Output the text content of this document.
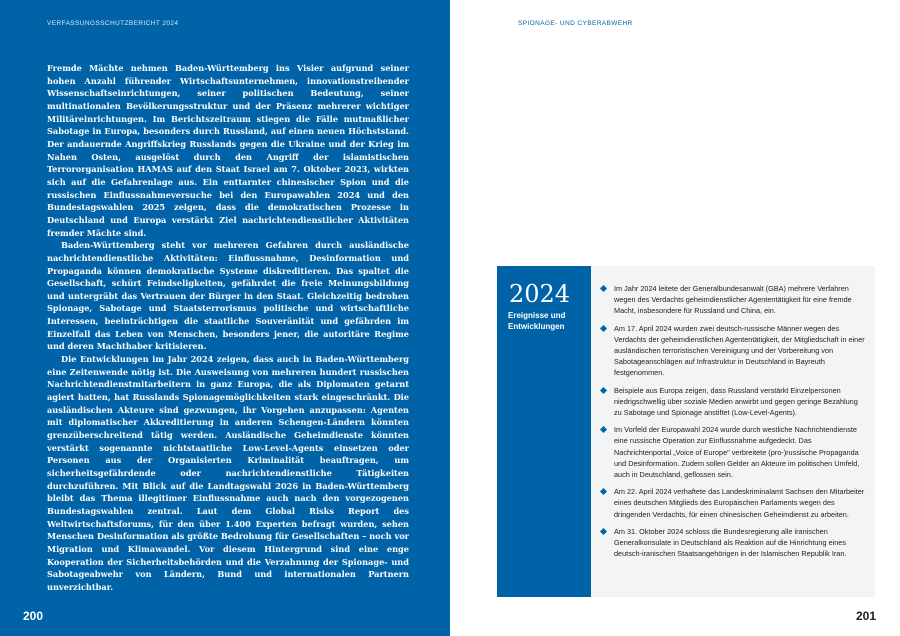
VERFASSUNGSSCHUTZBERICHT 2024

Fremde Mächte nehmen Baden-Württemberg ins Visier aufgrund seiner hohen Anzahl führender Wirtschaftsunternehmen, innovationstreibender Wissenschaftseinrichtungen, seiner politischen Bedeutung, seiner multinationalen Bevölkerungsstruktur und der Präsenz mehrerer wichtiger Militäreinrichtungen. Im Berichtszeitraum stiegen die Fälle mutmaßlicher Sabotage in Europa, besonders durch Russland, auf einen neuen Höchststand. Der andauernde Angriffskrieg Russlands gegen die Ukraine und der Krieg im Nahen Osten, ausgelöst durch den Angriff der islamistischen Terrororganisation HAMAS auf den Staat Israel am 7. Oktober 2023, wirkten sich auf die Gefahrenlage aus. Ein enttarnter chinesischer Spion und die russischen Einflussnahmeversuche bei den Europawahlen 2024 und den Bundestagswahlen 2025 zeigen, dass die demokratischen Prozesse in Deutschland und Europa verstärkt Ziel nachrichtendienstlicher Aktivitäten fremder Mächte sind.

Baden-Württemberg steht vor mehreren Gefahren durch ausländische nachrichtendienstliche Aktivitäten: Einflussnahme, Desinformation und Propaganda können demokratische Systeme diskreditieren. Das spaltet die Gesellschaft, schürt Feindseligkeiten, gefährdet die freie Meinungsbildung und untergräbt das Vertrauen der Bürger in den Staat. Gleichzeitig bedrohen Spionage, Sabotage und Staatsterrorismus politische und wirtschaftliche Interessen, beeinträchtigen die staatliche Souveränität und gefährden im Einzelfall das Leben von Menschen, besonders jener, die autoritäre Regime und deren Machthaber kritisieren.

Die Entwicklungen im Jahr 2024 zeigen, dass auch in Baden-Württemberg eine Zeitenwende nötig ist. Die Ausweisung von mehreren hundert russischen Nachrichtendienstmitarbeitern in ganz Europa, die als Diplomaten getarnt agiert hatten, hat Russlands Spionagemöglichkeiten stark eingeschränkt. Die ausländischen Akteure sind gezwungen, ihr Vorgehen anzupassen: Agenten mit diplomatischer Akkreditierung in anderen Schengen-Ländern könnten grenzüberschreitend tätig werden. Ausländische Geheimdienste könnten verstärkt sogenannte nichtstaatliche Low-Level-Agents einsetzen oder Personen aus der Organisierten Kriminalität beauftragen, um sicherheitsgefährdende oder nachrichtendienstliche Tätigkeiten durchzuführen. Mit Blick auf die Landtagswahl 2026 in Baden-Württemberg bleibt das Thema illegitimer Einflussnahme auch nach den vorgezogenen Bundestagswahlen zentral. Laut dem Global Risks Report des Weltwirtschaftsforums, für den über 1.400 Experten befragt wurden, sehen Menschen Desinformation als größte Bedrohung für Gesellschaften – noch vor Migration und Klimawandel. Vor diesem Hintergrund sind eine enge Kooperation der Sicherheitsbehörden und die Verzahnung der Spionage- und Sabotageabwehr von Ländern, Bund und internationalen Partnern unverzichtbar.

200
SPIONAGE- UND CYBERABWEHR
2024
Ereignisse und Entwicklungen
Im Jahr 2024 leitete der Generalbundesanwalt (GBA) mehrere Verfahren wegen des Verdachts geheimdienstlicher Agententätigkeit für eine fremde Macht, insbesondere für Russland und China, ein.
Am 17. April 2024 wurden zwei deutsch-russische Männer wegen des Verdachts der geheimdienstlichen Agententätigkeit, der Mitgliedschaft in einer ausländischen terroristischen Vereinigung und der Vorbereitung von Sabotageanschlägen auf Infrastruktur in Deutschland in Bayreuth festgenommen.
Beispiele aus Europa zeigen, dass Russland verstärkt Einzelpersonen niedrigschwellig über soziale Medien anwirbt und gegen geringe Bezahlung zu Sabotage und Spionage anstiftet (Low-Level-Agents).
Im Vorfeld der Europawahl 2024 wurde durch westliche Nachrichtendienste eine russische Operation zur Einflussnahme aufgedeckt. Das Nachrichtenportal „Voice of Europe" verbreitete (pro-)russische Propaganda und Desinformation. Zudem sollen Gelder an Akteure im politischen Umfeld, auch in Deutschland, geflossen sein.
Am 22. April 2024 verhaftete das Landeskriminalamt Sachsen den Mitarbeiter eines deutschen Mitglieds des Europäischen Parlaments wegen des dringenden Verdachts, für einen chinesischen Geheimdienst zu arbeiten.
Am 31. Oktober 2024 schloss die Bundesregierung alle iranischen Generalkonsulate in Deutschland als Reaktion auf die Hinrichtung eines deutsch-iranischen Staatsangehörigen in der Islamischen Republik Iran.
201
